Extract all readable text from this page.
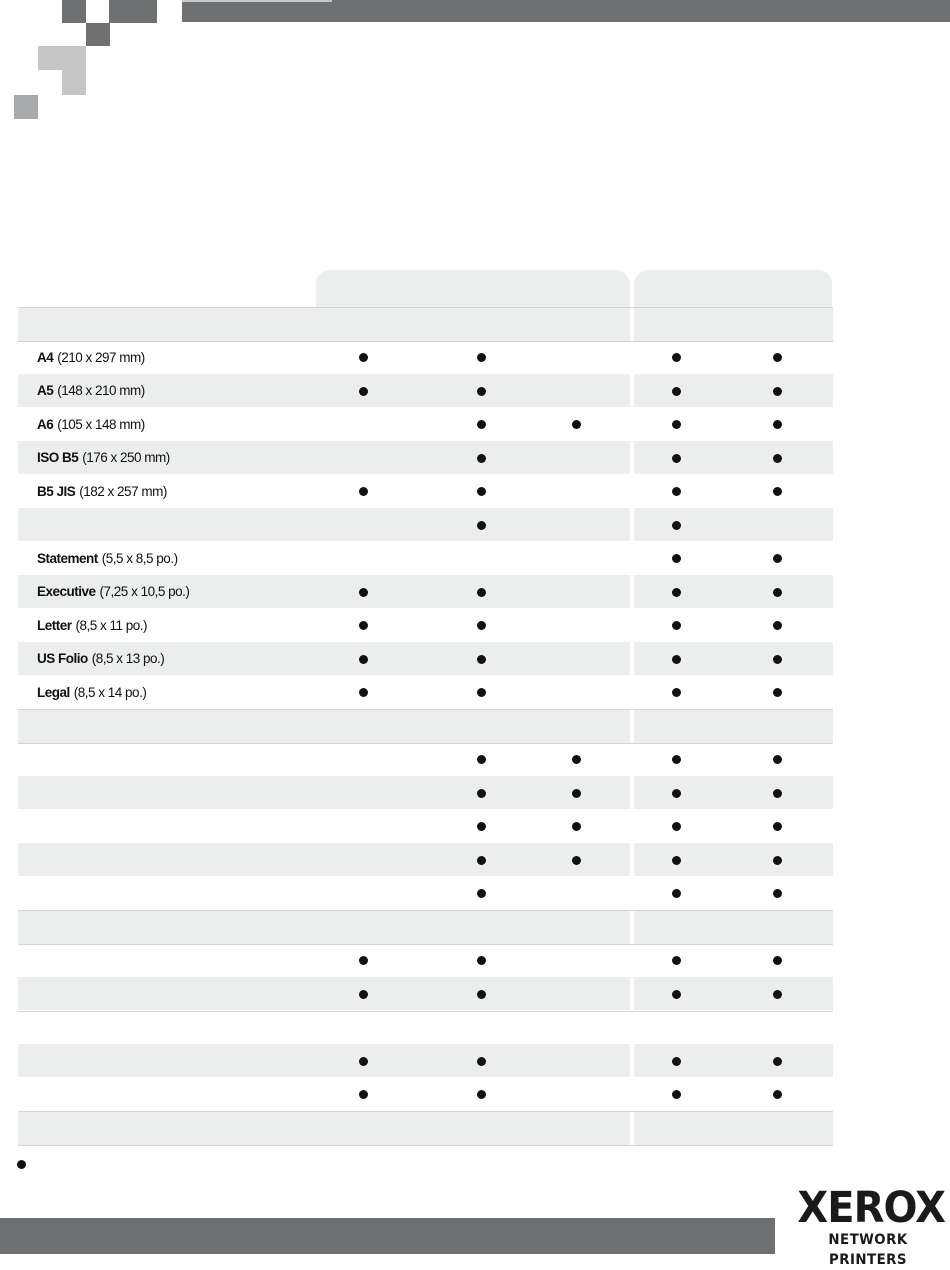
A4 (210 x 297 mm)
A5 (148 x 210 mm)
A6 (105 x 148 mm)
ISO B5 (176 x 250 mm)
B5 JIS (182 x 257 mm)
Statement (5,5 x 8,5 po.)
Executive (7,25 x 10,5 po.)
Letter (8,5 x 11 po.)
US Folio (8,5 x 13 po.)
Legal (8,5 x 14 po.)
XEROX
NETWORK PRINTERS
